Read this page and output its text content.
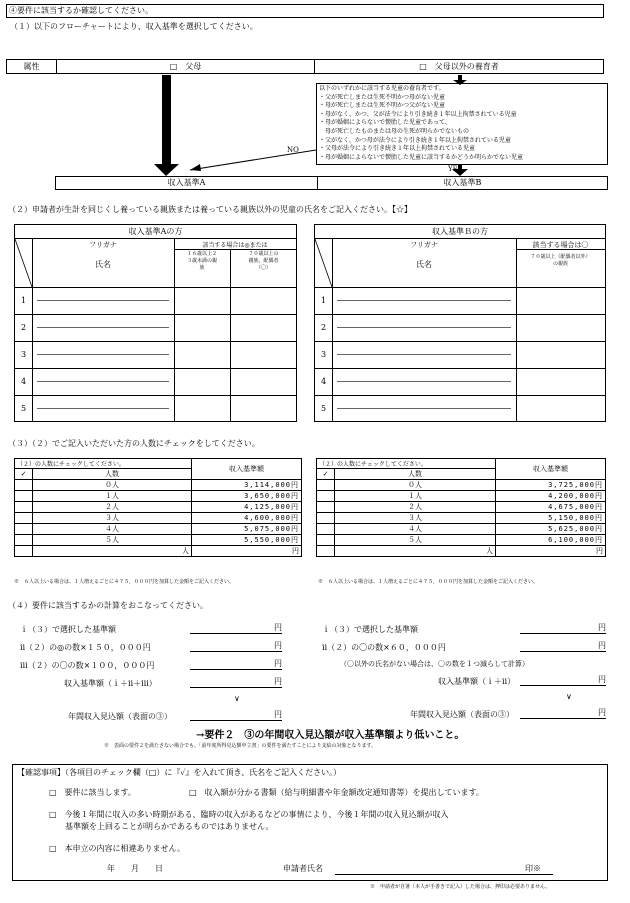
④要件に該当するか確認してください。
（１）以下のフローチャートにより、収入基準を選択してください。
属性	□　父母	□　父母以外の養育者
以下のいずれかに該当する児童の養育者です。
・父が死亡しまたは生死不明かつ母がない児童
・母が死亡しまたは生死不明かつ父がない児童
・母がなく、かつ、父が法令により引き続き１年以上拘禁されている児童
・母が婚姻によらないで懐胎した児童であって、
　母が死亡したものまたは母の生死が明らかでないもの
・父がなく、かつ母が法令により引き続き１年以上拘禁されている児童
・父母が法令により引き続き１年以上拘禁されている児童
・母が婚姻によらないで懐胎した児童に該当するかどうか明らかでない児童
NO
YES
収入基準A	収入基準B
（２）申請者が生計を同じくし養っている親族または養っている親族以外の児童の氏名をご記入ください。【☆】
収入基準Aの方
フリガナ
氏名
該当する場合は◎または
１６歳以上２
３歳未満の親
族
７０歳以上の
親族、配偶者
（〇）
1
2
3
4
5
収入基準Ｂの方
フリガナ
氏名
該当する場合は〇
７０歳以上（配偶者以外）
の親族
1
2
3
4
5
（３）（２）でご記入いただいた方の人数にチェックをしてください。
（２）の人数にチェックしてください。		収入基準額
✓	人数	
	０人	3,114,000円
	１人	3,650,000円
	２人	4,125,000円
	３人	4,600,000円
	４人	5,075,000円
	５人	5,550,000円
	人	円
（２）の人数にチェックしてください。		収入基準額
✓	人数	
	０人	3,725,000円
	１人	4,200,000円
	２人	4,675,000円
	３人	5,150,000円
	４人	5,625,000円
	５人	6,100,000円
	人	円
※　６人以上いる場合は、１人増えるごとに４７５，０００円を加算した金額をご記入ください。	※　６人以上いる場合は、１人増えるごとに４７５，０００円を加算した金額をご記入ください。
（４）要件に該当するかの計算をおこなってください。
ｉ（３）で選択した基準額	円
ⅱ（２）の◎の数×１５０，０００円	円
ⅲ（２）の〇の数×１００，０００円	円
収入基準額（ｉ＋ⅱ＋ⅲ）	円
∨
年間収入見込額（表面の③）	円
ｉ（３）で選択した基準額	円
ⅱ（２）の〇の数×６０，０００円	円
（〇以外の氏名がない場合は、〇の数を１つ減らして計算）
収入基準額（ｉ＋ⅱ）	円
∨
年間収入見込額（表面の③）	円
→要件２　③の年間収入見込額が収入基準額より低いこと。
※　表面の要件２を満たさない場合でも、「前年度所得見込額申立書」の要件を満たすことにより支給の対象となります。
【確認事項】（各項目のチェック欄（□）に『✓』を入れて頂き、氏名をご記入ください。）
□　要件に該当します。	□　収入額が分かる書類（給与明細書や年金額改定通知書等）を提出しています。
□　今後１年間に収入の多い時期がある、臨時の収入があるなどの事情により、今後１年間の収入見込額が収入
基準額を上回ることが明らかであるものではありません。
□　本申立の内容に相違ありません。
年　　月　　日	申請者氏名	印※
※　申請者が自署（本人が手書きで記入）した場合は、押印は必要ありません。
